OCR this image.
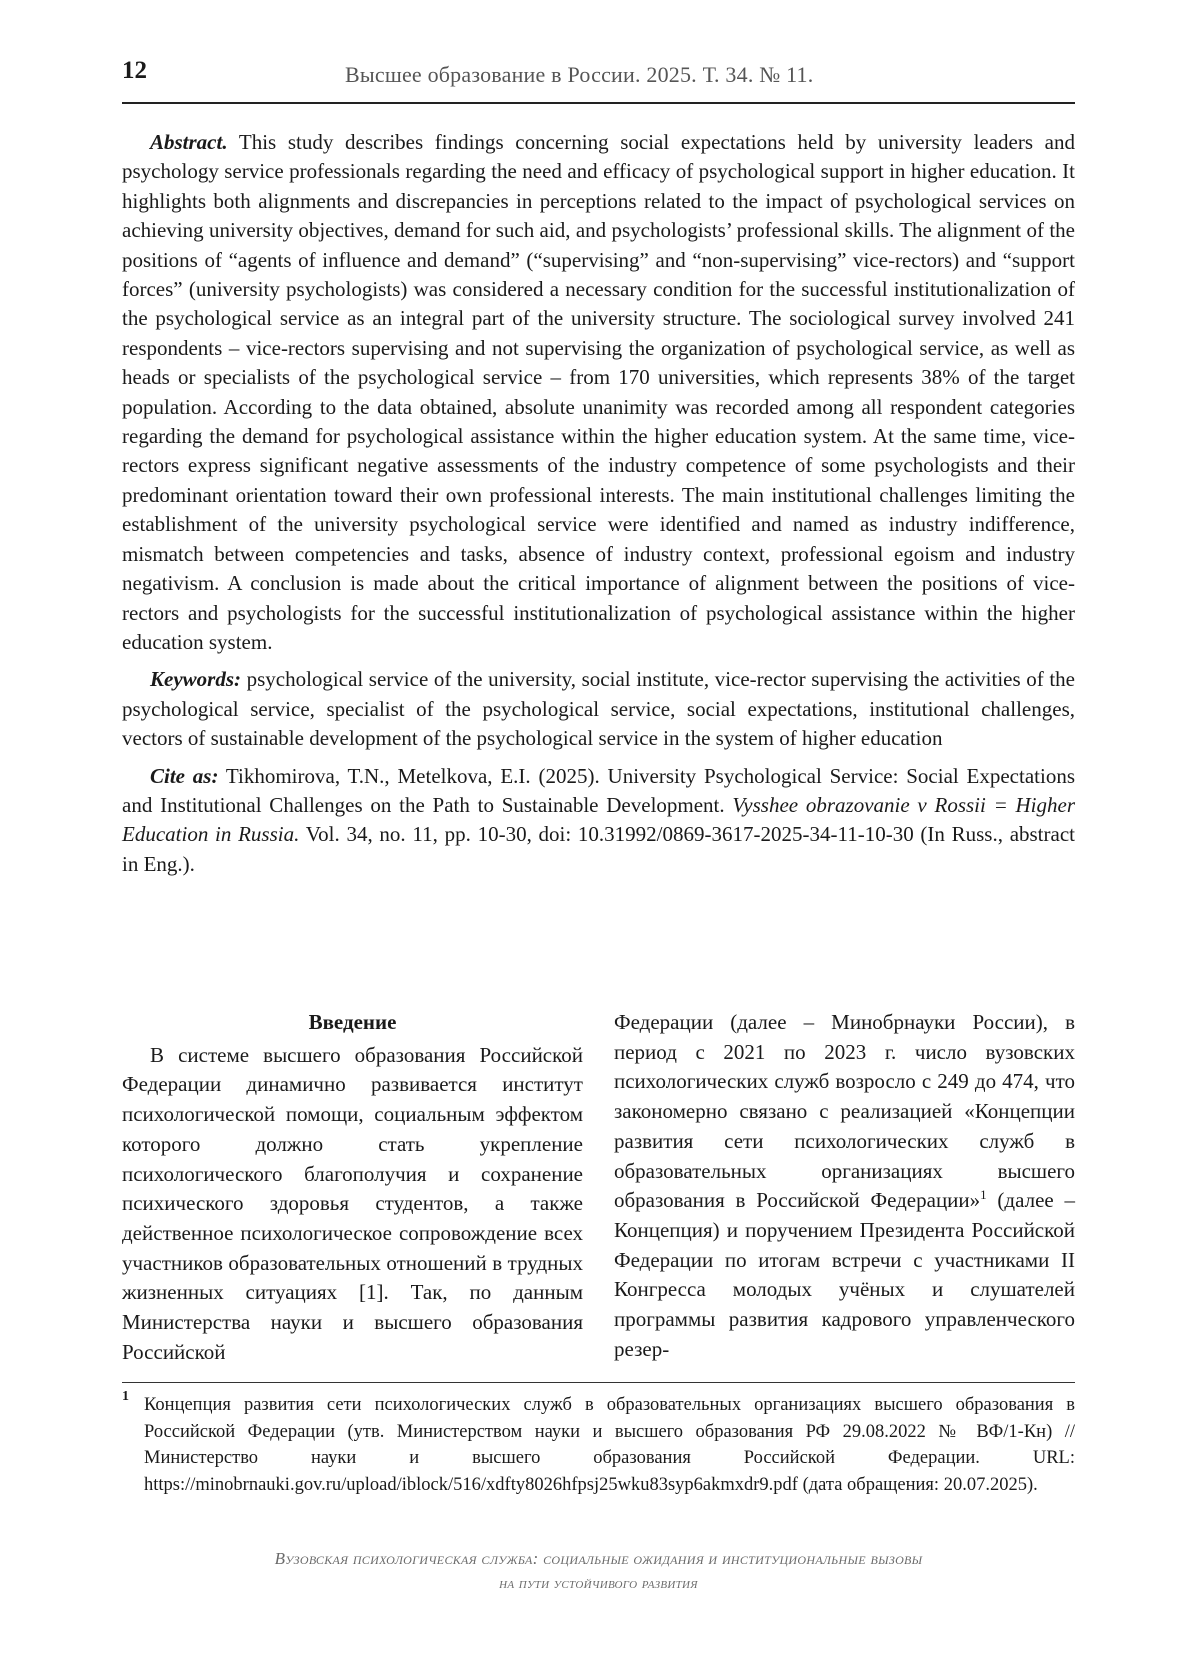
12	Высшее образование в России. 2025. Т. 34. № 11.

Abstract. This study describes findings concerning social expectations held by university leaders and psychology service professionals regarding the need and efficacy of psychological support in higher education. It highlights both alignments and discrepancies in perceptions related to the impact of psychological services on achieving university objectives, demand for such aid, and psychologists’ professional skills. The alignment of the positions of “agents of influence and demand” (“supervising” and “non-supervising” vice-rectors) and “support forces” (university psychologists) was considered a necessary condition for the successful institutionalization of the psychological service as an integral part of the university structure. The sociological survey involved 241 respondents – vice-rectors supervising and not supervising the organization of psychological service, as well as heads or specialists of the psychological service – from 170 universities, which represents 38% of the target population. According to the data obtained, absolute unanimity was recorded among all respondent categories regarding the demand for psychological assistance within the higher education system. At the same time, vice-rectors express significant negative assessments of the industry competence of some psychologists and their predominant orientation toward their own professional interests. The main institutional challenges limiting the establishment of the university psychological service were identified and named as industry indifference, mismatch between competencies and tasks, absence of industry context, professional egoism and industry negativism. A conclusion is made about the critical importance of alignment between the positions of vice-rectors and psychologists for the successful institutionalization of psychological assistance within the higher education system.

Keywords: psychological service of the university, social institute, vice-rector supervising the activities of the psychological service, specialist of the psychological service, social expectations, institutional challenges, vectors of sustainable development of the psychological service in the system of higher education

Cite as: Tikhomirova, T.N., Metelkova, E.I. (2025). University Psychological Service: Social Expectations and Institutional Challenges on the Path to Sustainable Development. Vysshee obrazovanie v Rossii = Higher Education in Russia. Vol. 34, no. 11, pp. 10-30, doi: 10.31992/0869-3617-2025-34-11-10-30 (In Russ., abstract in Eng.).

Введение

В системе высшего образования Российской Федерации динамично развивается институт психологической помощи, социальным эффектом которого должно стать укрепление психологического благополучия и сохранение психического здоровья студентов, а также действенное психологическое сопровождение всех участников образовательных отношений в трудных жизненных ситуациях [1]. Так, по данным Министерства науки и высшего образования Российской

Федерации (далее – Минобрнауки России), в период с 2021 по 2023 г. число вузовских психологических служб возросло с 249 до 474, что закономерно связано с реализацией «Концепции развития сети психологических служб в образовательных организациях высшего образования в Российской Федерации»$^1$ (далее – Концепция) и поручением Президента Российской Федерации по итогам встречи с участниками II Конгресса молодых учёных и слушателей программы развития кадрового управленческого резер-

1 Концепция развития сети психологических служб в образовательных организациях высшего образования в Российской Федерации (утв. Министерством науки и высшего образования РФ 29.08.2022 № ВФ/1-Кн) // Министерство науки и высшего образования Российской Федерации. URL: https://minobrnauki.gov.ru/upload/iblock/516/xdfty8026hfpsj25wku83syp6akmxdr9.pdf (дата обращения: 20.07.2025).

Вузовская психологическая служба: социальные ожидания и институциональные вызовы
на пути устойчивого развития
